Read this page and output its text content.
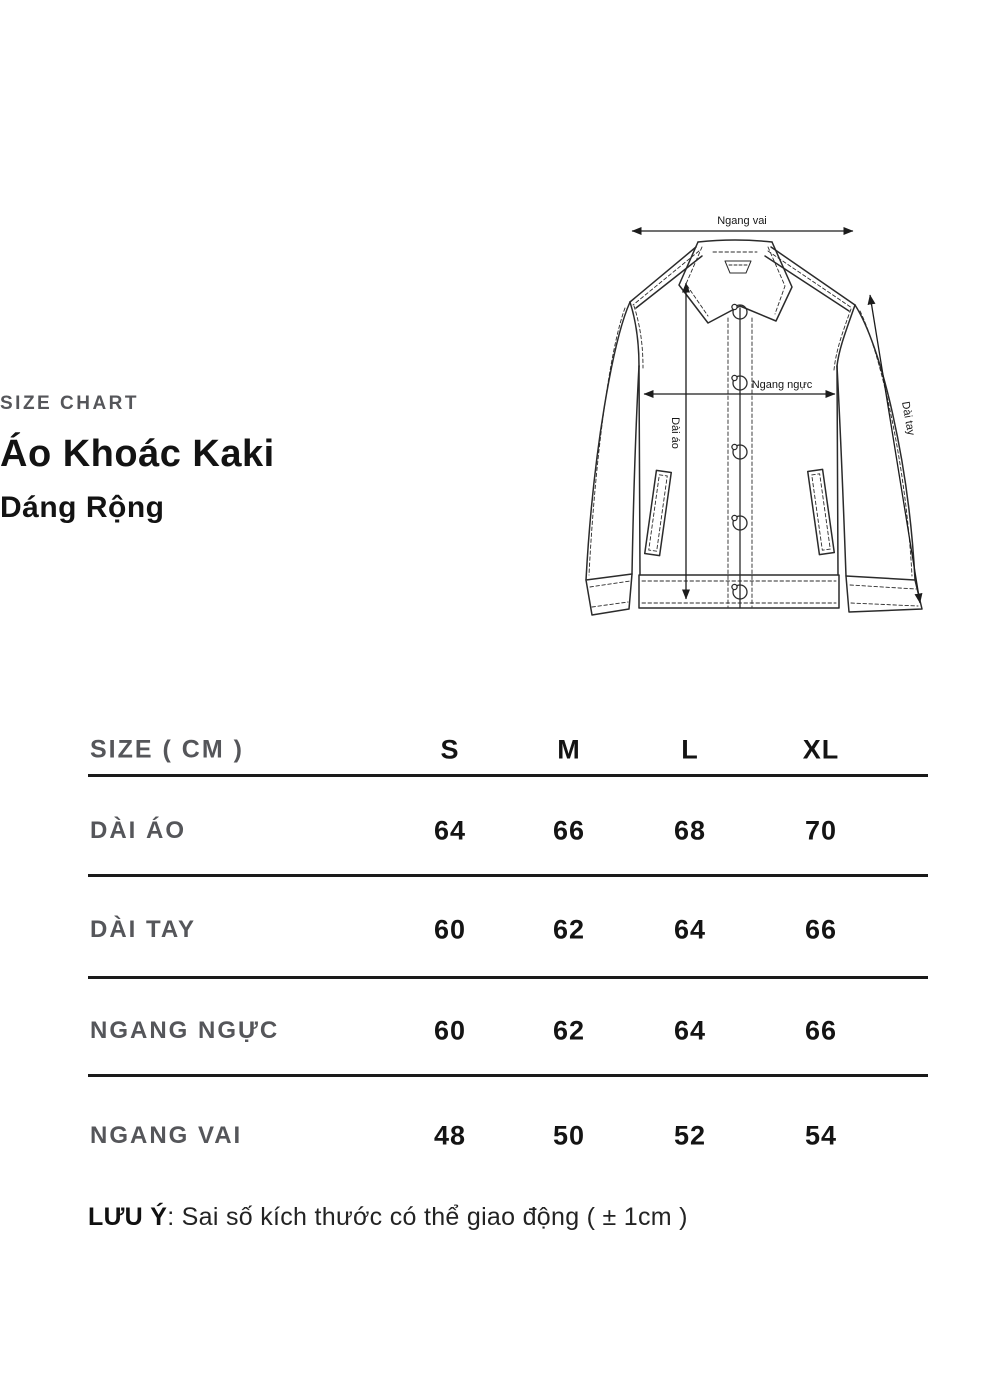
SIZE CHART
Áo Khoác Kaki
Dáng Rộng
Ngang vai
Ngang ngực
Dài áo	Dài tay
SIZE ( CM )	S	M	L	XL
DÀI ÁO	64	66	68	70
DÀI TAY	60	62	64	66
NGANG NGỰC	60	62	64	66
NGANG VAI	48	50	52	54
LƯU Ý: Sai số kích thước có thể giao động ( ± 1cm )
